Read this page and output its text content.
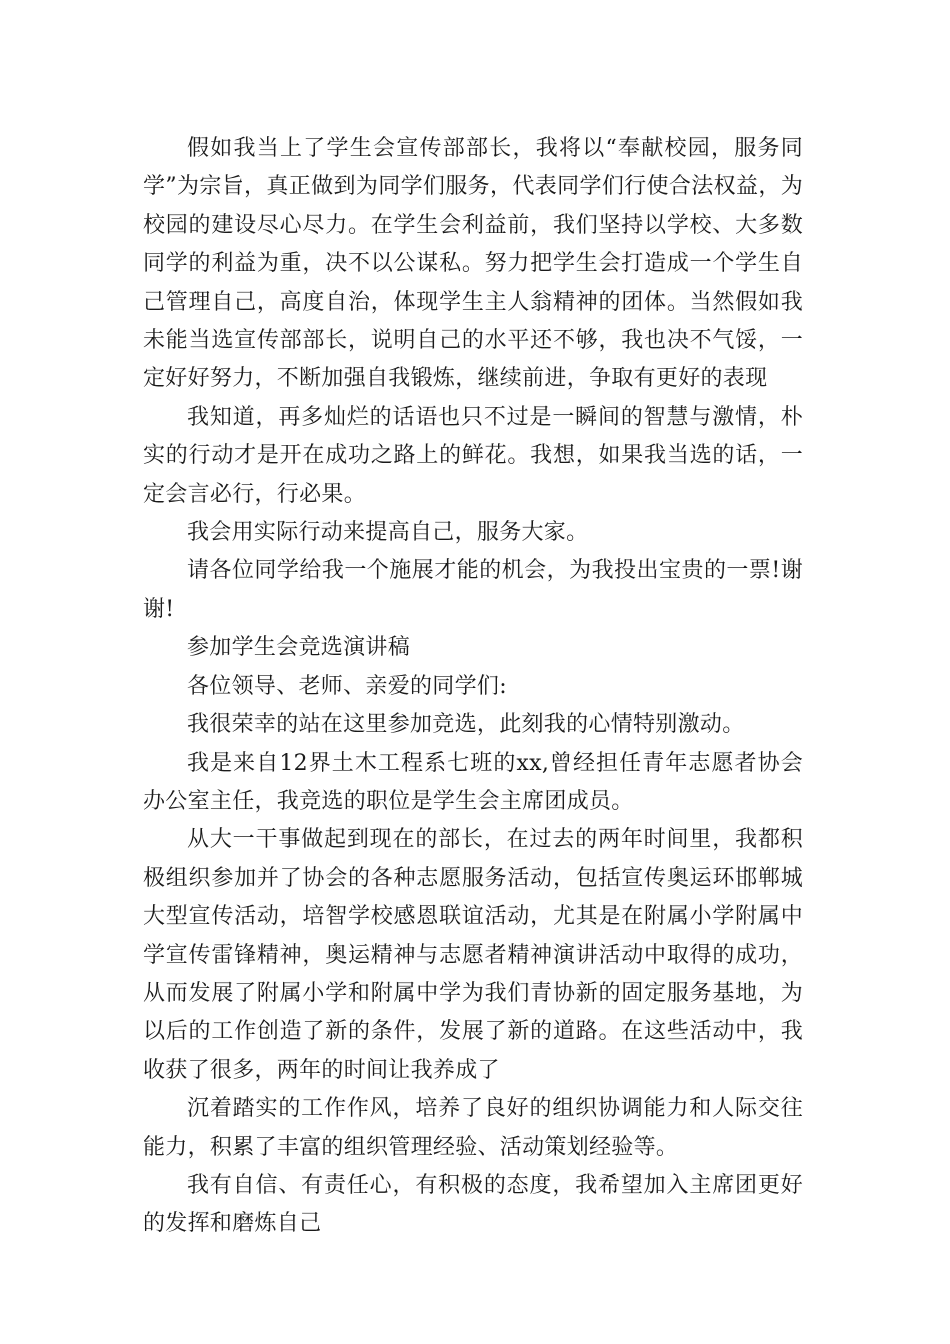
假如我当上了学生会宣传部部长，我将以“奉献校园，服务同学”为宗旨，真正做到为同学们服务，代表同学们行使合法权益，为校园的建设尽心尽力。在学生会利益前，我们坚持以学校、大多数同学的利益为重，决不以公谋私。努力把学生会打造成一个学生自己管理自己，高度自治，体现学生主人翁精神的团体。当然假如我未能当选宣传部部长，说明自己的水平还不够，我也决不气馁，一定好好努力，不断加强自我锻炼，继续前进，争取有更好的表现

我知道，再多灿烂的话语也只不过是一瞬间的智慧与激情，朴实的行动才是开在成功之路上的鲜花。我想，如果我当选的话，一定会言必行，行必果。

我会用实际行动来提高自己，服务大家。

请各位同学给我一个施展才能的机会，为我投出宝贵的一票!谢谢!

参加学生会竞选演讲稿

各位领导、老师、亲爱的同学们:

我很荣幸的站在这里参加竞选，此刻我的心情特别激动。

我是来自12界土木工程系七班的xx,曾经担任青年志愿者协会办公室主任，我竞选的职位是学生会主席团成员。

从大一干事做起到现在的部长，在过去的两年时间里，我都积极组织参加并了协会的各种志愿服务活动，包括宣传奥运环邯郸城大型宣传活动，培智学校感恩联谊活动，尤其是在附属小学附属中学宣传雷锋精神，奥运精神与志愿者精神演讲活动中取得的成功，从而发展了附属小学和附属中学为我们青协新的固定服务基地，为以后的工作创造了新的条件，发展了新的道路。在这些活动中，我收获了很多，两年的时间让我养成了

沉着踏实的工作作风，培养了良好的组织协调能力和人际交往能力，积累了丰富的组织管理经验、活动策划经验等。

我有自信、有责任心，有积极的态度，我希望加入主席团更好的发挥和磨炼自己
